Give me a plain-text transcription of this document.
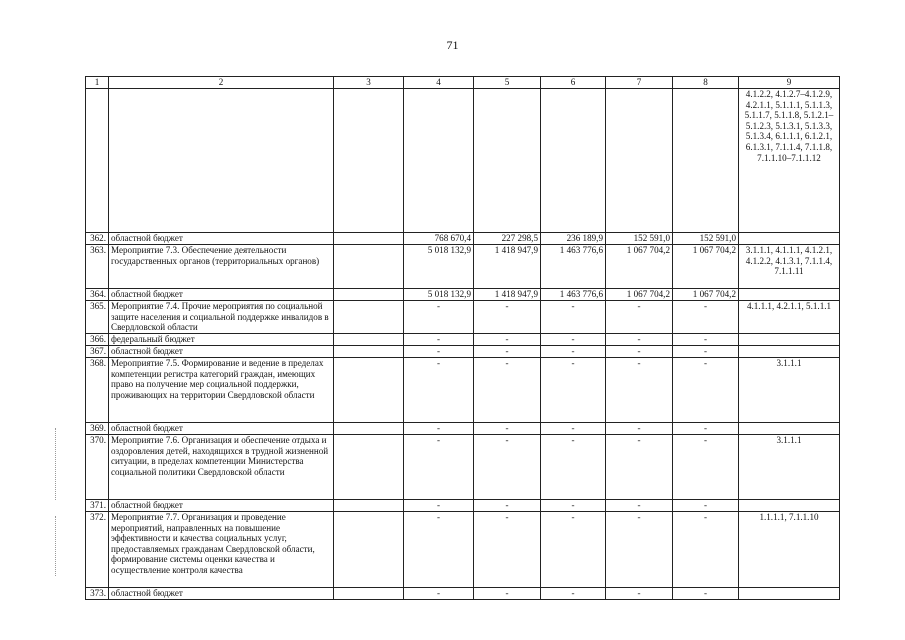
71
1	2	3	4	5	6	7	8	9
								4.1.2.2, 4.1.2.7–4.1.2.9, 4.2.1.1, 5.1.1.1, 5.1.1.3, 5.1.1.7, 5.1.1.8, 5.1.2.1–5.1.2.3, 5.1.3.1, 5.1.3.3, 5.1.3.4, 6.1.1.1, 6.1.2.1, 6.1.3.1, 7.1.1.4, 7.1.1.8, 7.1.1.10–7.1.1.12
362.	областной бюджет		768 670,4	227 298,5	236 189,9	152 591,0	152 591,0	
363.	Мероприятие 7.3. Обеспечение деятельности государственных органов (территориальных органов)		5 018 132,9	1 418 947,9	1 463 776,6	1 067 704,2	1 067 704,2	3.1.1.1, 4.1.1.1, 4.1.2.1, 4.1.2.2, 4.1.3.1, 7.1.1.4, 7.1.1.11
364.	областной бюджет		5 018 132,9	1 418 947,9	1 463 776,6	1 067 704,2	1 067 704,2	
365.	Мероприятие 7.4. Прочие мероприятия по социальной защите населения и социальной поддержке инвалидов в Свердловской области		-	-	-	-	-	4.1.1.1, 4.2.1.1, 5.1.1.1
366.	федеральный бюджет		-	-	-	-	-	
367.	областной бюджет		-	-	-	-	-	
368.	Мероприятие 7.5. Формирование и ведение в пределах компетенции регистра категорий граждан, имеющих право на получение мер социальной поддержки, проживающих на территории Свердловской области		-	-	-	-	-	3.1.1.1
369.	областной бюджет		-	-	-	-	-	
370.	Мероприятие 7.6. Организация и обеспечение отдыха и оздоровления детей, находящихся в трудной жизненной ситуации, в пределах компетенции Министерства социальной политики Свердловской области		-	-	-	-	-	3.1.1.1
371.	областной бюджет		-	-	-	-	-	
372.	Мероприятие 7.7. Организация и проведение мероприятий, направленных на повышение эффективности и качества социальных услуг, предоставляемых гражданам Свердловской области, формирование системы оценки качества и осуществление контроля качества		-	-	-	-	-	1.1.1.1, 7.1.1.10
373.	областной бюджет		-	-	-	-	-	
